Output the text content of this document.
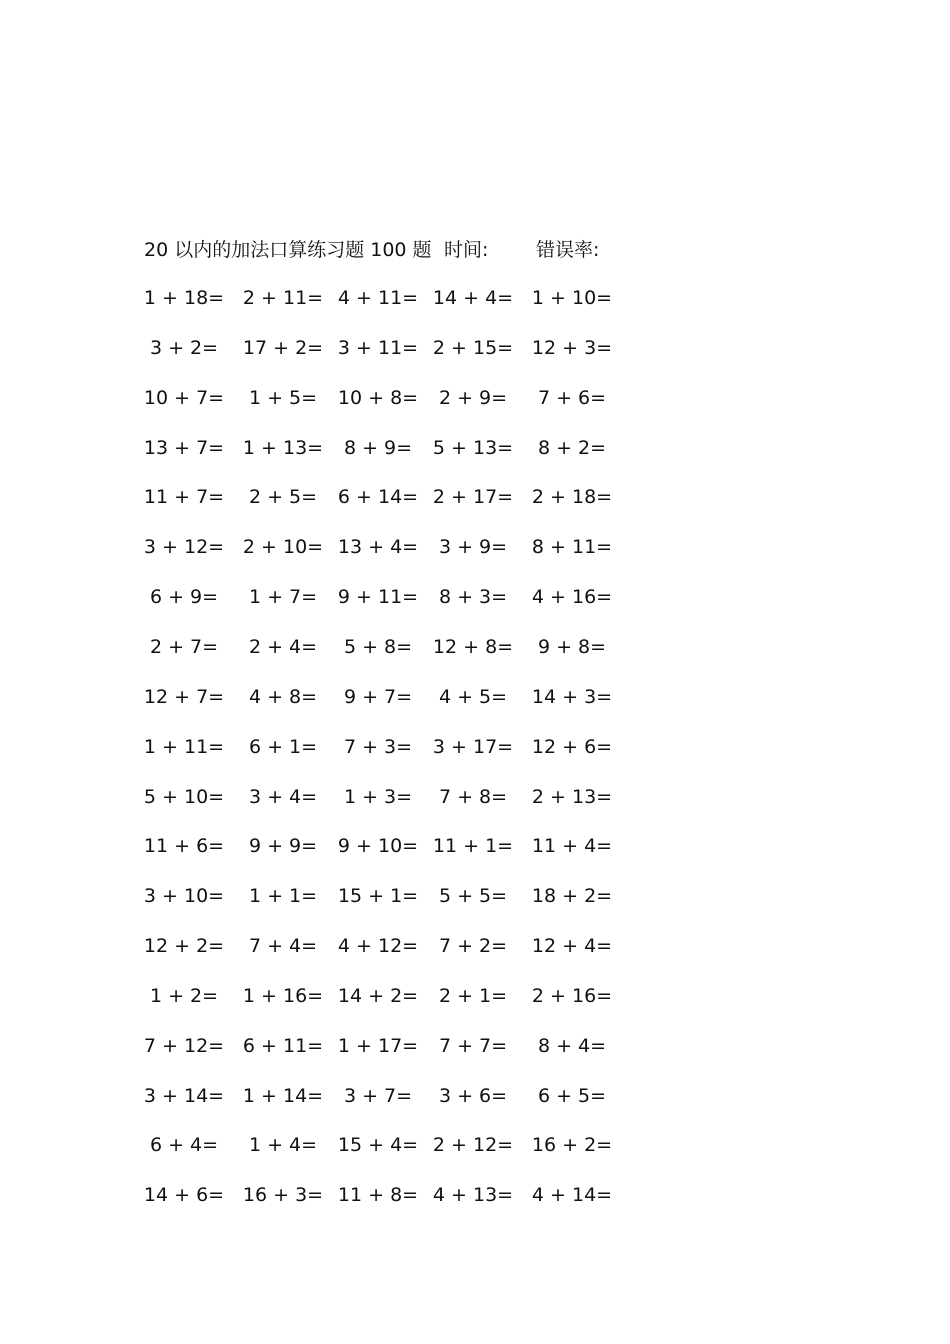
20 以内的加法口算练习题 100 题 时间:	错误率:
1 + 18= 2 + 11= 4 + 11= 14 + 4= 1 + 10=
3 + 2= 17 + 2= 3 + 11= 2 + 15= 12 + 3=
10 + 7= 1 + 5= 10 + 8= 2 + 9= 7 + 6=
13 + 7= 1 + 13= 8 + 9= 5 + 13= 8 + 2=
11 + 7= 2 + 5= 6 + 14= 2 + 17= 2 + 18=
3 + 12= 2 + 10= 13 + 4= 3 + 9= 8 + 11=
6 + 9= 1 + 7= 9 + 11= 8 + 3= 4 + 16=
2 + 7= 2 + 4= 5 + 8= 12 + 8= 9 + 8=
12 + 7= 4 + 8= 9 + 7= 4 + 5= 14 + 3=
1 + 11= 6 + 1= 7 + 3= 3 + 17= 12 + 6=
5 + 10= 3 + 4= 1 + 3= 7 + 8= 2 + 13=
11 + 6= 9 + 9= 9 + 10= 11 + 1= 11 + 4=
3 + 10= 1 + 1= 15 + 1= 5 + 5= 18 + 2=
12 + 2= 7 + 4= 4 + 12= 7 + 2= 12 + 4=
1 + 2= 1 + 16= 14 + 2= 2 + 1= 2 + 16=
7 + 12= 6 + 11= 1 + 17= 7 + 7= 8 + 4=
3 + 14= 1 + 14= 3 + 7= 3 + 6= 6 + 5=
6 + 4= 1 + 4= 15 + 4= 2 + 12= 16 + 2=
14 + 6= 16 + 3= 11 + 8= 4 + 13= 4 + 14=
